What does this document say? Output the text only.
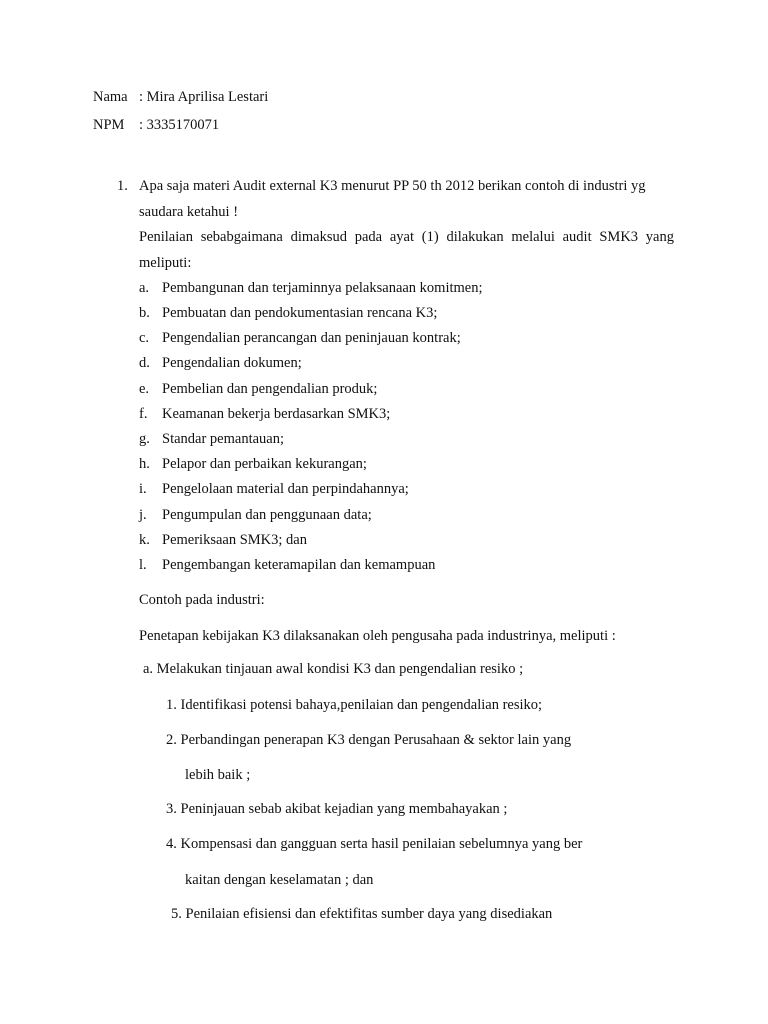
Nama : Mira Aprilisa Lestari
NPM : 3335170071
1. Apa saja materi Audit external K3 menurut PP 50 th 2012 berikan contoh di industri yg
saudara ketahui !
Penilaian sebabgaimana dimaksud pada ayat (1) dilakukan melalui audit SMK3 yang
meliputi:
a. Pembangunan dan terjaminnya pelaksanaan komitmen;
b. Pembuatan dan pendokumentasian rencana K3;
c. Pengendalian perancangan dan peninjauan kontrak;
d. Pengendalian dokumen;
e. Pembelian dan pengendalian produk;
f. Keamanan bekerja berdasarkan SMK3;
g. Standar pemantauan;
h. Pelapor dan perbaikan kekurangan;
i. Pengelolaan material dan perpindahannya;
j. Pengumpulan dan penggunaan data;
k. Pemeriksaan SMK3; dan
l. Pengembangan keteramapilan dan kemampuan
Contoh pada industri:
Penetapan kebijakan K3 dilaksanakan oleh pengusaha pada industrinya, meliputi :
a. Melakukan tinjauan awal kondisi K3 dan pengendalian resiko ;
1. Identifikasi potensi bahaya,penilaian dan pengendalian resiko;
2. Perbandingan penerapan K3 dengan Perusahaan & sektor lain yang
lebih baik ;
3. Peninjauan sebab akibat kejadian yang membahayakan ;
4. Kompensasi dan gangguan serta hasil penilaian sebelumnya yang ber
kaitan dengan keselamatan ; dan
5. Penilaian efisiensi dan efektifitas sumber daya yang disediakan
